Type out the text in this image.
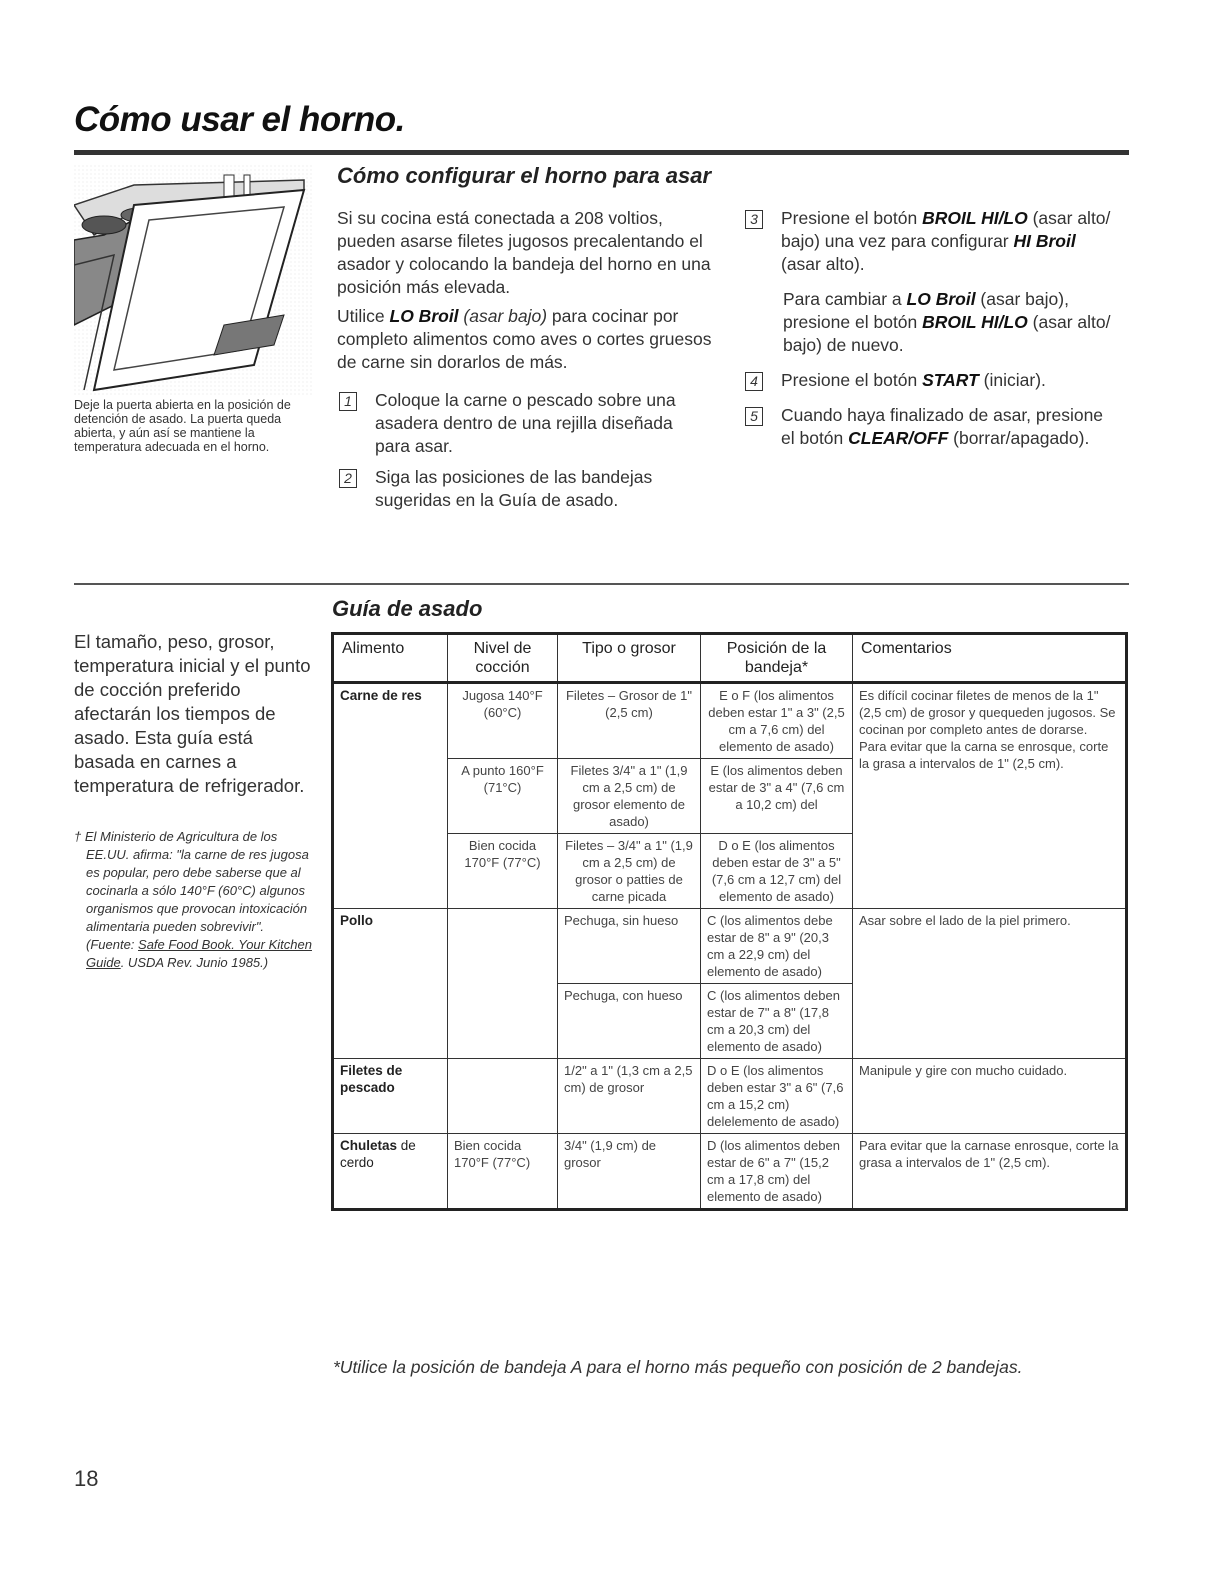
Cómo usar el horno.
Deje la puerta abierta en la posición de detención de asado. La puerta queda abierta, y aún así se mantiene la temperatura adecuada en el horno.
Cómo configurar el horno para asar
Si su cocina está conectada a 208 voltios, pueden asarse filetes jugosos precalentando el asador y colocando la bandeja del horno en una posición más elevada.
Utilice LO Broil (asar bajo) para cocinar por completo alimentos como aves o cortes gruesos de carne sin dorarlos de más.
1 Coloque la carne o pescado sobre una asadera dentro de una rejilla diseñada para asar.
2 Siga las posiciones de las bandejas sugeridas en la Guía de asado.
3 Presione el botón BROIL HI/LO (asar alto/ bajo) una vez para configurar HI Broil (asar alto).
Para cambiar a LO Broil (asar bajo), presione el botón BROIL HI/LO (asar alto/ bajo) de nuevo.
4 Presione el botón START (iniciar).
5 Cuando haya finalizado de asar, presione el botón CLEAR/OFF (borrar/apagado).
Guía de asado
El tamaño, peso, grosor, temperatura inicial y el punto de cocción preferido afectarán los tiempos de asado. Esta guía está basada en carnes a temperatura de refrigerador.
† El Ministerio de Agricultura de los EE.UU. afirma: "la carne de res jugosa es popular, pero debe saberse que al cocinarla a sólo 140°F (60°C) algunos organismos que provocan intoxicación alimentaria pueden sobrevivir". (Fuente: Safe Food Book. Your Kitchen Guide. USDA Rev. Junio 1985.)
Alimento	Nivel de cocción	Tipo o grosor	Posición de la bandeja*	Comentarios
Carne de res	Jugosa 140°F (60°C)	Filetes – Grosor de 1" (2,5 cm)	E o F (los alimentos deben estar 1" a 3" (2,5 cm a 7,6 cm) del elemento de asado)	Es difícil cocinar filetes de menos de la 1" (2,5 cm) de grosor y quequeden jugosos. Se cocinan por completo antes de dorarse.
Para evitar que la carna se enrosque, corte la grasa a intervalos de 1" (2,5 cm).

	A punto 160°F (71°C)	Filetes 3/4" a 1" (1,9 cm a 2,5 cm) de grosor elemento de asado)	E (los alimentos deben estar de 3" a 4" (7,6 cm a 10,2 cm) del	
	Bien cocida 170°F (77°C)	Filetes – 3/4" a 1" (1,9 cm a 2,5 cm) de grosor o patties de carne picada	D o E (los alimentos deben estar de 3" a 5" (7,6 cm a 12,7 cm) del elemento de asado)	
Pollo		Pechuga, sin hueso	C (los alimentos debe estar de 8" a 9" (20,3 cm a 22,9 cm) del elemento de asado)	Asar sobre el lado de la piel primero.
		Pechuga, con hueso	C (los alimentos deben estar de 7" a 8" (17,8 cm a 20,3 cm) del elemento de asado)	
Filetes de pescado		1/2" a 1" (1,3 cm a 2,5 cm) de grosor	D o E (los alimentos deben estar 3" a 6" (7,6 cm a 15,2 cm) delelemento de asado)	Manipule y gire con mucho cuidado.
Chuletas de cerdo	Bien cocida 170°F (77°C)	3/4" (1,9 cm) de grosor	D (los alimentos deben estar de 6" a 7" (15,2 cm a 17,8 cm) del elemento de asado)	Para evitar que la carnase enrosque, corte la grasa a intervalos de 1" (2,5 cm).
*Utilice la posición de bandeja A para el horno más pequeño con posición de 2 bandejas.
18
